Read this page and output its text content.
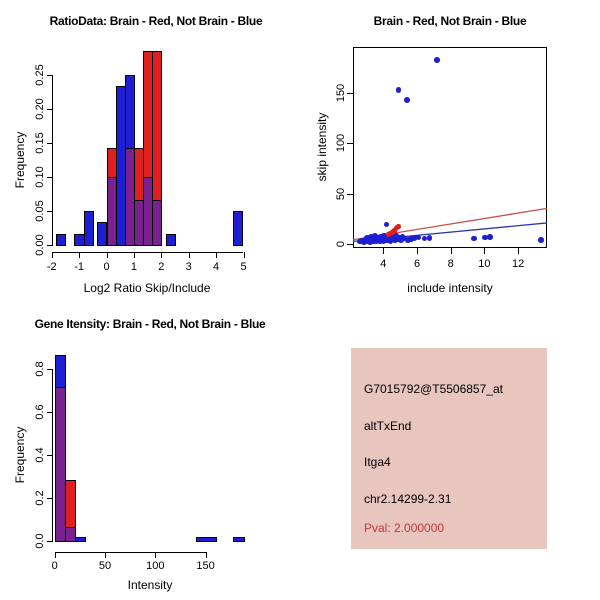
RatioData: Brain - Red, Not Brain - Blue
Frequency
Log2 Ratio Skip/Include
Brain - Red, Not Brain - Blue
skip intensity
include intensity
Gene Itensity: Brain - Red, Not Brain - Blue
Frequency
Intensity
G7015792@T5506857_at
altTxEnd
Itga4
chr2.14299-2.31
Pval: 2.000000
-2 -1 0 1 2 3 4 5
0.00
0.05
0.10
0.15
0.20
0.25
0	50	100	150
0.0
0.2
0.4
0.6
0.8
4	6	8 10 12
0
50
100
150
